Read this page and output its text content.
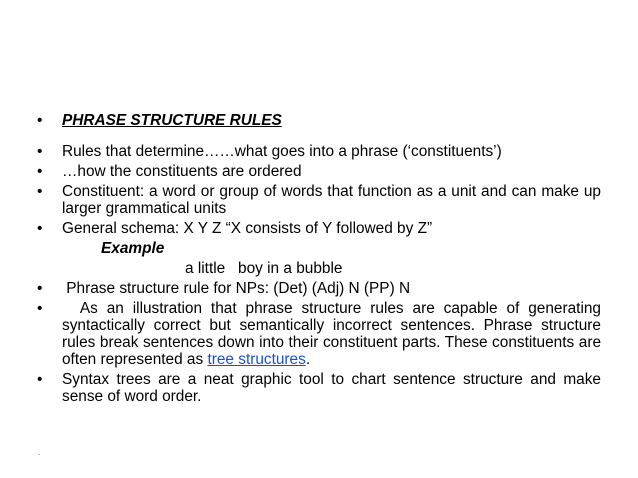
•	PHRASE STRUCTURE RULES
•	Rules that determine……what goes into a phrase (‘constituents’)
•	…how the constituents are ordered
•	Constituent: a word or group of words that function as a unit and can make up larger grammatical units
•	General schema: X Y Z “X consists of Y followed by Z”
Example
a little   boy in a bubble
•	Phrase structure rule for NPs: (Det) (Adj) N (PP) N
•	As an illustration that phrase structure rules are capable of generating syntactically correct but semantically incorrect sentences. Phrase structure rules break sentences down into their constituent parts. These constituents are often represented as tree structures.
•	Syntax trees are a neat graphic tool to chart sentence structure and make sense of word order.
.
